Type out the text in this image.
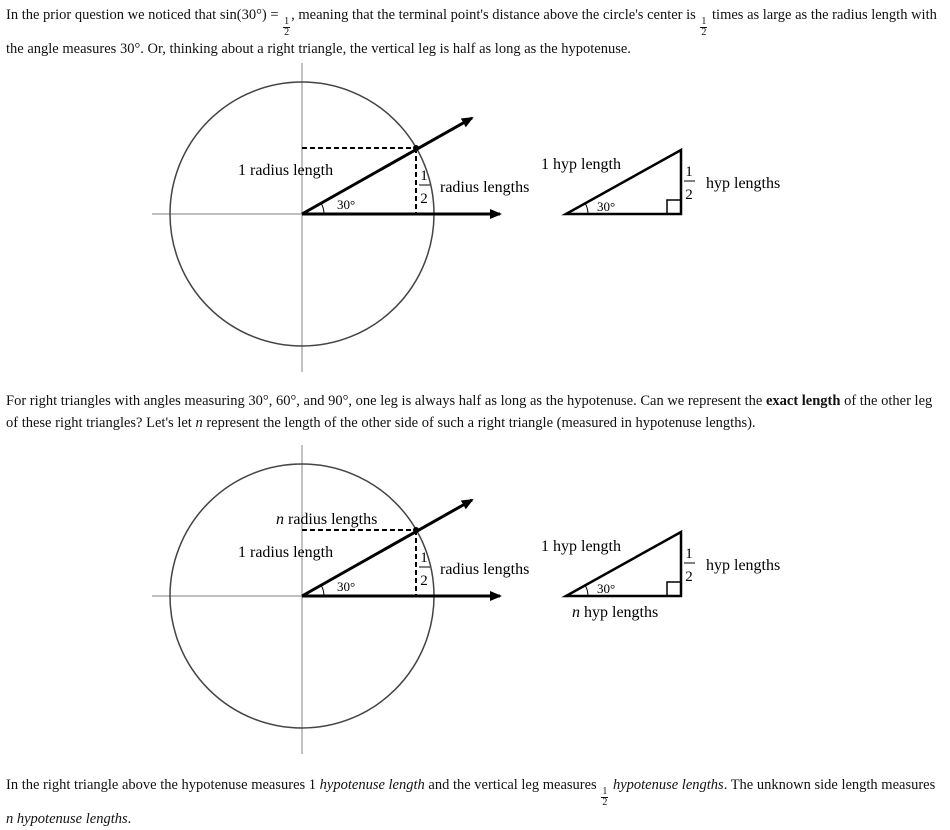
In the prior question we noticed that sin(30°) =
$\frac{1}{2}$
, meaning that the terminal point's distance above the circle's center is
$\frac{1}{2}$
times as large as the radius length with the angle measures 30°. Or, thinking about a right triangle, the vertical leg is half as long as the hypotenuse.
30°
1 radius length	1
2
radius lengths
30°
1 hyp length	1
2
hyp lengths
For right triangles with angles measuring 30°, 60°, and 90°, one leg is always half as long as the hypotenuse. Can we represent the exact length of the other leg of these right triangles? Let's let n represent the length of the other side of such a right triangle (measured in hypotenuse lengths).
30°
n radius lengths
1 radius length	1
2
radius lengths
30°
1 hyp length	1
2
hyp lengths
n hyp lengths
In the right triangle above the hypotenuse measures 1 hypotenuse length and the vertical leg measures
$\frac{1}{2}$
hypotenuse lengths. The unknown side length measures n hypotenuse lengths.
